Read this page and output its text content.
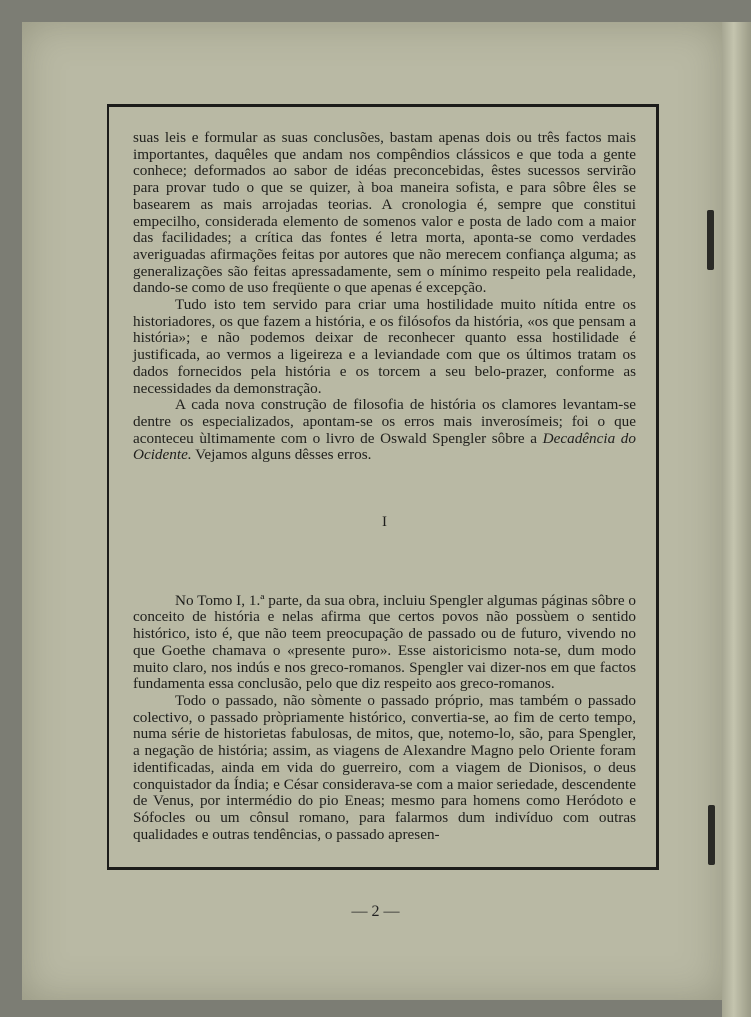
suas leis e formular as suas conclusões, bastam apenas dois ou três factos mais importantes, daquêles que andam nos compêndios clássicos e que toda a gente conhece; deformados ao sabor de idéas preconcebidas, êstes sucessos servirão para provar tudo o que se quizer, à boa maneira sofista, e para sôbre êles se basearem as mais arrojadas teorias. A cronologia é, sempre que constitui empecilho, considerada elemento de somenos valor e posta de lado com a maior das facilidades; a crítica das fontes é letra morta, aponta-se como verdades averiguadas afirmações feitas por autores que não merecem confiança alguma; as generalizações são feitas apressadamente, sem o mínimo respeito pela realidade, dando-se como de uso freqüente o que apenas é excepção.

Tudo isto tem servido para criar uma hostilidade muito nítida entre os historiadores, os que fazem a história, e os filósofos da história, «os que pensam a história»; e não podemos deixar de reconhecer quanto essa hostilidade é justificada, ao vermos a ligeireza e a leviandade com que os últimos tratam os dados fornecidos pela história e os torcem a seu belo-prazer, conforme as necessidades da demonstração.

A cada nova construção de filosofia de história os clamores levantam-se dentre os especializados, apontam-se os erros mais inverosímeis; foi o que aconteceu ùltimamente com o livro de Oswald Spengler sôbre a Decadência do Ocidente. Vejamos alguns dêsses erros.

I

No Tomo I, 1.ª parte, da sua obra, incluiu Spengler algumas páginas sôbre o conceito de história e nelas afirma que certos povos não possùem o sentido histórico, isto é, que não teem preocupação de passado ou de futuro, vivendo no que Goethe chamava o «presente puro». Esse aistoricismo nota-se, dum modo muito claro, nos indús e nos greco-romanos. Spengler vai dizer-nos em que factos fundamenta essa conclusão, pelo que diz respeito aos greco-romanos.

Todo o passado, não sòmente o passado próprio, mas também o passado colectivo, o passado pròpriamente histórico, convertia-se, ao fim de certo tempo, numa série de historietas fabulosas, de mitos, que, notemo-lo, são, para Spengler, a negação de história; assim, as viagens de Alexandre Magno pelo Oriente foram identificadas, ainda em vida do guerreiro, com a viagem de Dionisos, o deus conquistador da Índia; e César considerava-se com a maior seriedade, descendente de Venus, por intermédio do pio Eneas; mesmo para homens como Heródoto e Sófocles ou um cônsul romano, para falarmos dum indivíduo com outras qualidades e outras tendências, o passado apresen-

— 2 —
